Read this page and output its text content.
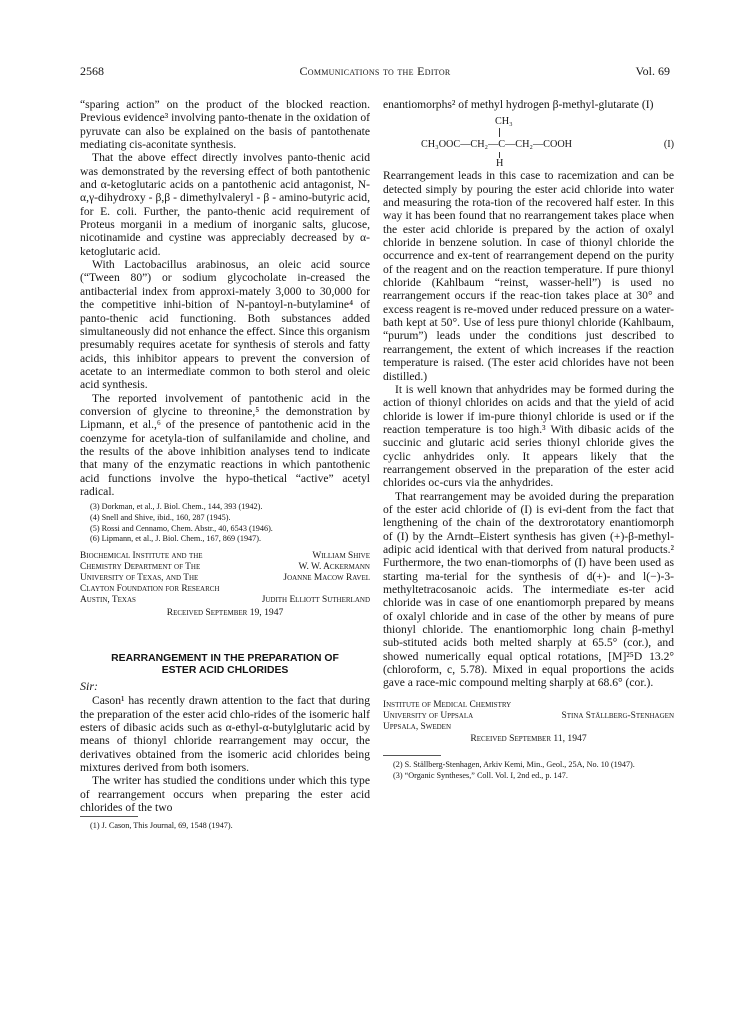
2568	Communications to the Editor	Vol. 69

“sparing action” on the product of the blocked reaction. Previous evidence³ involving panto-thenate in the oxidation of pyruvate can also be explained on the basis of pantothenate mediating cis-aconitate synthesis.

That the above effect directly involves panto-thenic acid was demonstrated by the reversing effect of both pantothenic and α-ketoglutaric acids on a pantothenic acid antagonist, N-α,γ-dihydroxy - β,β - dimethylvaleryl - β - amino-butyric acid, for E. coli. Further, the panto-thenic acid requirement of Proteus morganii in a medium of inorganic salts, glucose, nicotinamide and cystine was appreciably decreased by α-ketoglutaric acid.

With Lactobacillus arabinosus, an oleic acid source (“Tween 80”) or sodium glycocholate in-creased the antibacterial index from approxi-mately 3,000 to 30,000 for the competitive inhi-bition of N-pantoyl-n-butylamine⁴ of panto-thenic acid functioning. Both substances added simultaneously did not enhance the effect. Since this organism presumably requires acetate for synthesis of sterols and fatty acids, this inhibitor appears to prevent the conversion of acetate to an intermediate common to both sterol and oleic acid synthesis.

The reported involvement of pantothenic acid in the conversion of glycine to threonine,⁵ the demonstration by Lipmann, et al.,⁶ of the presence of pantothenic acid in the coenzyme for acetyla-tion of sulfanilamide and choline, and the results of the above inhibition analyses tend to indicate that many of the enzymatic reactions in which pantothenic acid functions involve the hypo-thetical “active” acetyl radical.

(3) Dorkman, et al., J. Biol. Chem., 144, 393 (1942).

(4) Snell and Shive, ibid., 160, 287 (1945).

(5) Rossi and Cennamo, Chem. Abstr., 40, 6543 (1946).

(6) Lipmann, et al., J. Biol. Chem., 167, 869 (1947).

Biochemical Institute and the	William Shive
Chemistry Department of The	W. W. Ackermann
University of Texas, and The	Joanne Macow Ravel
Clayton Foundation for Research
Austin, Texas	Judith Elliott Sutherland

Received September 19, 1947

REARRANGEMENT IN THE PREPARATION OF

ESTER ACID CHLORIDES

Sir:

Cason¹ has recently drawn attention to the fact that during the preparation of the ester acid chlo-rides of the isomeric half esters of dibasic acids such as α-ethyl-α-butylglutaric acid by means of thionyl chloride rearrangement may occur, the derivatives obtained from the isomeric acid chlorides being mixtures derived from both isomers.

The writer has studied the conditions under which this type of rearrangement occurs when preparing the ester acid chlorides of the two

(1) J. Cason, This Journal, 69, 1548 (1947).

enantiomorphs² of methyl hydrogen β-methyl-glutarate (I)

CH₃
CH₃OOC—CH₂—C—CH₂—COOH
H
(I)

Rearrangement leads in this case to racemization and can be detected simply by pouring the ester acid chloride into water and measuring the rota-tion of the recovered half ester. In this way it has been found that no rearrangement takes place when the ester acid chloride is prepared by the action of oxalyl chloride in benzene solution. In case of thionyl chloride the occurrence and ex-tent of rearrangement depend on the purity of the reagent and on the reaction temperature. If pure thionyl chloride (Kahlbaum “reinst, wasser-hell”) is used no rearrangement occurs if the reac-tion takes place at 30° and excess reagent is re-moved under reduced pressure on a water-bath kept at 50°. Use of less pure thionyl chloride (Kahlbaum, “purum”) leads under the conditions just described to rearrangement, the extent of which increases if the reaction temperature is raised. (The ester acid chlorides have not been distilled.)

It is well known that anhydrides may be formed during the action of thionyl chlorides on acids and that the yield of acid chloride is lower if im-pure thionyl chloride is used or if the reaction temperature is too high.³ With dibasic acids of the succinic and glutaric acid series thionyl chloride gives the cyclic anhydrides only. It appears likely that the rearrangement observed in the preparation of the ester acid chlorides oc-curs via the anhydrides.

That rearrangement may be avoided during the preparation of the ester acid chloride of (I) is evi-dent from the fact that lengthening of the chain of the dextrorotatory enantiomorph of (I) by the Arndt–Eistert synthesis has given (+)-β-methyl-adipic acid identical with that derived from natural products.² Furthermore, the two enan-tiomorphs of (I) have been used as starting ma-terial for the synthesis of d(+)- and l(−)-3-methyltetracosanoic acids. The intermediate es-ter acid chloride was in case of one enantiomorph prepared by means of oxalyl chloride and in case of the other by means of pure thionyl chloride. The enantiomorphic long chain β-methyl sub-stituted acids both melted sharply at 65.5° (cor.), and showed numerically equal optical rotations, [M]²⁵D 13.2° (chloroform, c, 5.78). Mixed in equal proportions the acids gave a race-mic compound melting sharply at 68.6° (cor.).

Institute of Medical Chemistry
University of Uppsala	Stina Ställberg-Stenhagen
Uppsala, Sweden

Received September 11, 1947

(2) S. Ställberg-Stenhagen, Arkiv Kemi, Min., Geol., 25A, No. 10 (1947).

(3) “Organic Syntheses,” Coll. Vol. I, 2nd ed., p. 147.
